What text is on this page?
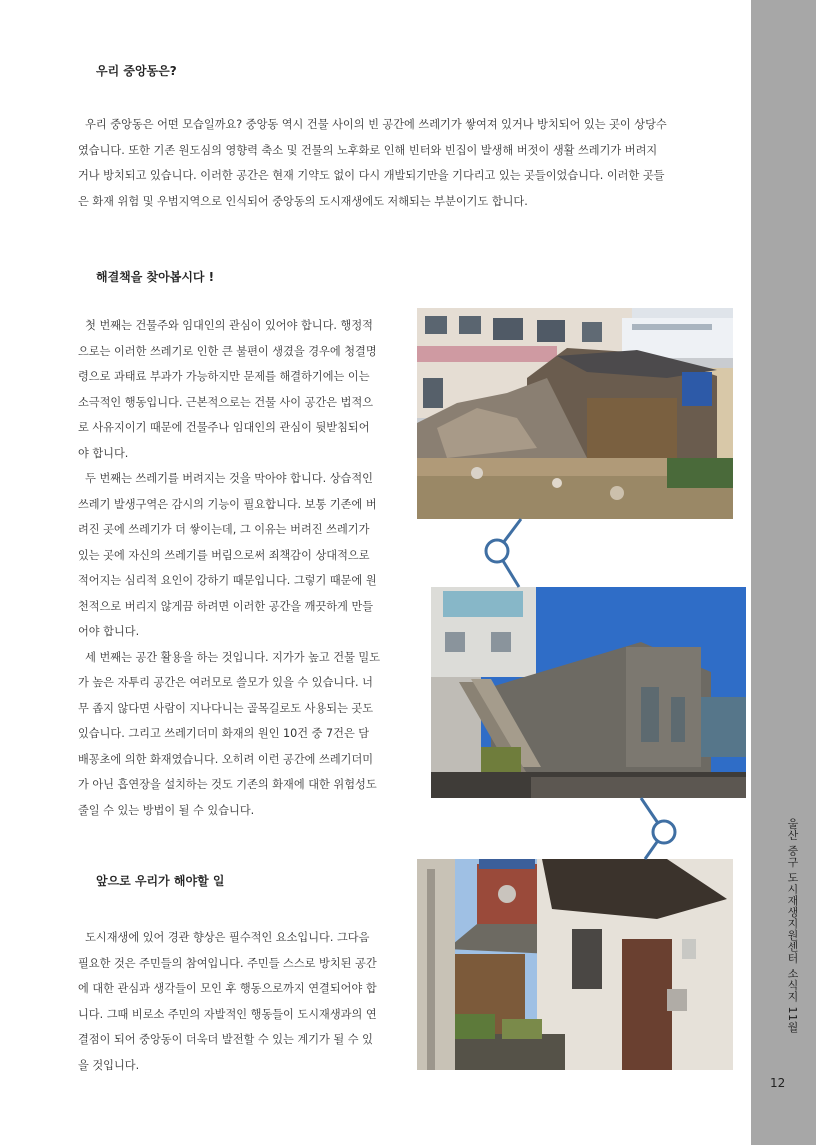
울산 중구 도시재생지원센터 소식지 11월
12
우리 중앙동은?

우리 중앙동은 어떤 모습일까요? 중앙동 역시 건물 사이의 빈 공간에 쓰레기가 쌓여져 있거나 방치되어 있는 곳이 상당수
였습니다. 또한 기존 원도심의 영향력 축소 및 건물의 노후화로 인해 빈터와 빈집이 발생해 버젓이 생활 쓰레기가 버려지
거나 방치되고 있습니다. 이러한 공간은 현재 기약도 없이 다시 개발되기만을 기다리고 있는 곳들이었습니다. 이러한 곳들
은 화재 위험 및 우범지역으로 인식되어 중앙동의 도시재생에도 저해되는 부분이기도 합니다.

해결책을 찾아봅시다 !

첫 번째는 건물주와 임대인의 관심이 있어야 합니다. 행정적
으로는 이러한 쓰레기로 인한 큰 불편이 생겼을 경우에 청결명
령으로 과태료 부과가 가능하지만 문제를 해결하기에는 이는
소극적인 행동입니다. 근본적으로는 건물 사이 공간은 법적으
로 사유지이기 때문에 건물주나 임대인의 관심이 뒷받침되어
야 합니다.
두 번째는 쓰레기를 버려지는 것을 막아야 합니다. 상습적인
쓰레기 발생구역은 감시의 기능이 필요합니다. 보통 기존에 버
려진 곳에 쓰레기가 더 쌓이는데, 그 이유는 버려진 쓰레기가
있는 곳에 자신의 쓰레기를 버림으로써 죄책감이 상대적으로
적어지는 심리적 요인이 강하기 때문입니다. 그렇기 때문에 원
천적으로 버리지 않게끔 하려면 이러한 공간을 깨끗하게 만들
어야 합니다.
세 번째는 공간 활용을 하는 것입니다. 지가가 높고 건물 밀도
가 높은 자투리 공간은 여러모로 쓸모가 있을 수 있습니다. 너
무 좁지 않다면 사람이 지나다니는 골목길로도 사용되는 곳도
있습니다. 그리고 쓰레기더미 화재의 원인 10건 중 7건은 담
배꽁초에 의한 화재였습니다. 오히려 이런 공간에 쓰레기더미
가 아닌 흡연장을 설치하는 것도 기존의 화재에 대한 위험성도
줄일 수 있는 방법이 될 수 있습니다.

앞으로 우리가 해야할 일

도시재생에 있어 경관 향상은 필수적인 요소입니다. 그다음
필요한 것은 주민들의 참여입니다. 주민들 스스로 방치된 공간
에 대한 관심과 생각들이 모인 후 행동으로까지 연결되어야 합
니다. 그때 비로소 주민의 자발적인 행동들이 도시재생과의 연
결점이 되어 중앙동이 더욱더 발전할 수 있는 계기가 될 수 있
을 것입니다.
